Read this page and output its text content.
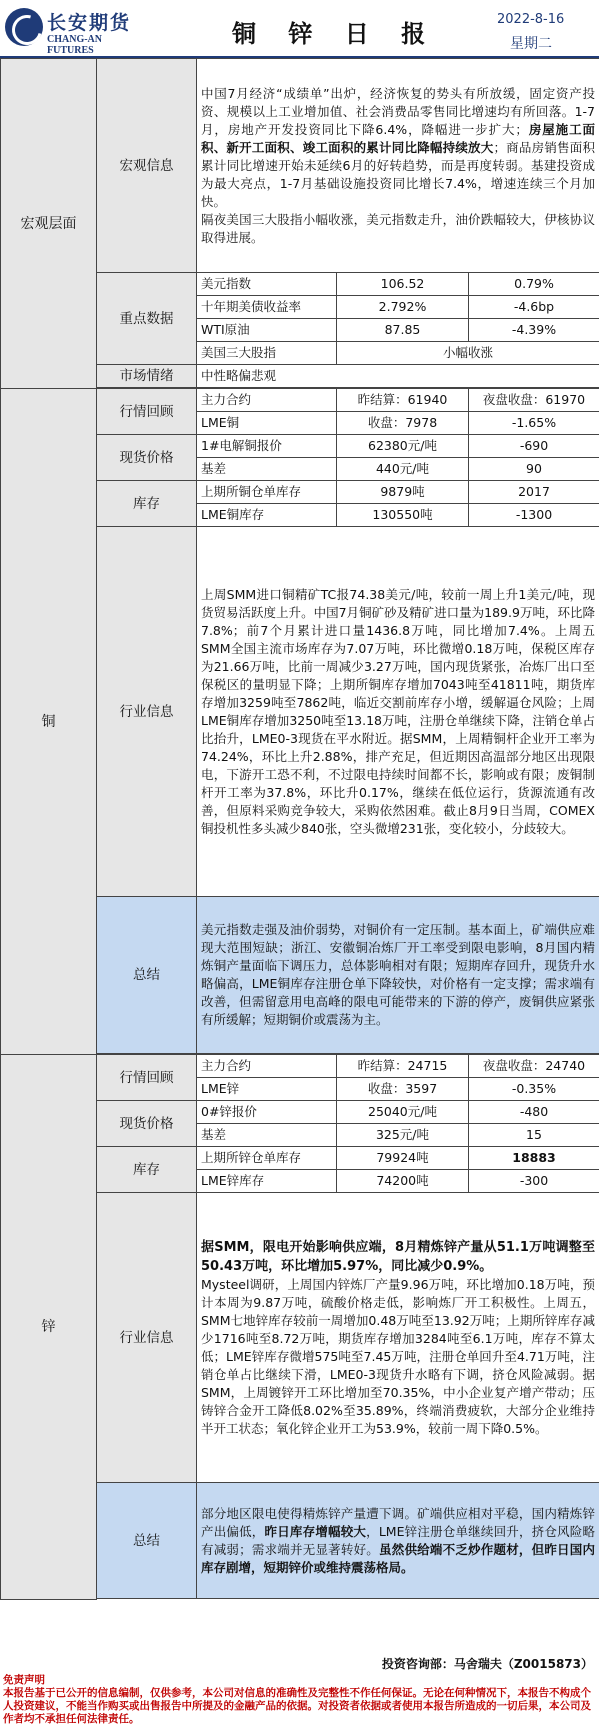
长安期货
CHANG-AN FUTURES
铜 锌 日 报
2022-8-16
星期二
宏观层面	宏观信息	中国7月经济“成绩单”出炉，经济恢复的势头有所放缓，固定资产投资、规模以上工业增加值、社会消费品零售同比增速均有所回落。1-7月，房地产开发投资同比下降6.4%，降幅进一步扩大；房屋施工面积、新开工面积、竣工面积的累计同比降幅持续放大；商品房销售面积累计同比增速开始未延续6月的好转趋势，而是再度转弱。基建投资成为最大亮点，1-7月基础设施投资同比增长7.4%，增速连续三个月加快。
隔夜美国三大股指小幅收涨，美元指数走升，油价跌幅较大，伊核协议取得进展。		
	重点数据	美元指数	106.52	0.79%
		十年期美债收益率	2.792%	-4.6bp
		WTI原油	87.85	-4.39%
		美国三大股指	小幅收涨	
	市场情绪	中性略偏悲观		

铜	行情回顾	主力合约	昨结算：61940	夜盘收盘：61970
		LME铜	收盘：7978	-1.65%
	现货价格	1#电解铜报价	62380元/吨	-690
		基差	440元/吨	90
	库存	上期所铜仓单库存	9879吨	2017
		LME铜库存	130550吨	-1300
	行业信息	上周SMM进口铜精矿TC报74.38美元/吨，较前一周上升1美元/吨，现货贸易活跃度上升。中国7月铜矿砂及精矿进口量为189.9万吨，环比降7.8%；前7个月累计进口量1436.8万吨，同比增加7.4%。上周五SMM全国主流市场库存为7.07万吨，环比微增0.18万吨，保税区库存为21.66万吨，比前一周减少3.27万吨，国内现货紧张，冶炼厂出口至保税区的量明显下降；上期所铜库存增加7043吨至41811吨，期货库存增加3259吨至7862吨，临近交割前库存小增，缓解逼仓风险；上周LME铜库存增加3250吨至13.18万吨，注册仓单继续下降，注销仓单占比抬升，LME0-3现货在平水附近。据SMM，上周精铜杆企业开工率为74.24%，环比上升2.88%，排产充足，但近期因高温部分地区出现限电，下游开工恐不利，不过限电持续时间都不长，影响或有限；废铜制杆开工率为37.8%，环比升0.17%，继续在低位运行，货源流通有改善，但原料采购竞争较大，采购依然困难。截止8月9日当周，COMEX铜投机性多头减少840张，空头微增231张，变化较小，分歧较大。		
	总结	美元指数走强及油价弱势，对铜价有一定压制。基本面上，矿端供应难现大范围短缺；浙江、安徽铜冶炼厂开工率受到限电影响，8月国内精炼铜产量面临下调压力，总体影响相对有限；短期库存回升，现货升水略偏高，LME铜库存注册仓单下降较快，对价格有一定支撑；需求端有改善，但需留意用电高峰的限电可能带来的下游的停产，废铜供应紧张有所缓解；短期铜价或震荡为主。		

锌	行情回顾	主力合约	昨结算：24715	夜盘收盘：24740
		LME锌	收盘：3597	-0.35%
	现货价格	0#锌报价	25040元/吨	-480
		基差	325元/吨	15
	库存	上期所锌仓单库存	79924吨	18883
		LME锌库存	74200吨	-300
	行业信息	据SMM，限电开始影响供应端，8月精炼锌产量从51.1万吨调整至50.43万吨，环比增加5.97%，同比减少0.9%。
Mysteel调研，上周国内锌炼厂产量9.96万吨，环比增加0.18万吨，预计本周为9.87万吨，硫酸价格走低，影响炼厂开工积极性。上周五，SMM七地锌库存较前一周增加0.48万吨至13.92万吨；上期所锌库存减少1716吨至8.72万吨，期货库存增加3284吨至6.1万吨，库存不算太低；LME锌库存微增575吨至7.45万吨，注册仓单回升至4.71万吨，注销仓单占比继续下滑，LME0-3现货升水略有下调，挤仓风险减弱。据SMM，上周镀锌开工环比增加至70.35%，中小企业复产增产带动；压铸锌合金开工降低8.02%至35.89%，终端消费疲软，大部分企业维持半开工状态；氧化锌企业开工为53.9%，较前一周下降0.5%。		
	总结	部分地区限电使得精炼锌产量遭下调。矿端供应相对平稳，国内精炼锌产出偏低，昨日库存增幅较大，LME锌注册仓单继续回升，挤仓风险略有减弱；需求端并无显著转好。虽然供给端不乏炒作题材，但昨日国内库存剧增，短期锌价或维持震荡格局。		

投资咨询部：马舍瑞夫（Z0015873）
免责声明
本报告基于已公开的信息编制，仅供参考，本公司对信息的准确性及完整性不作任何保证。无论在何种情况下，本报告不构成个人投资建议，不能当作购买或出售报告中所提及的金融产品的依据。对投资者依据或者使用本报告所造成的一切后果，本公司及作者均不承担任何法律责任。
